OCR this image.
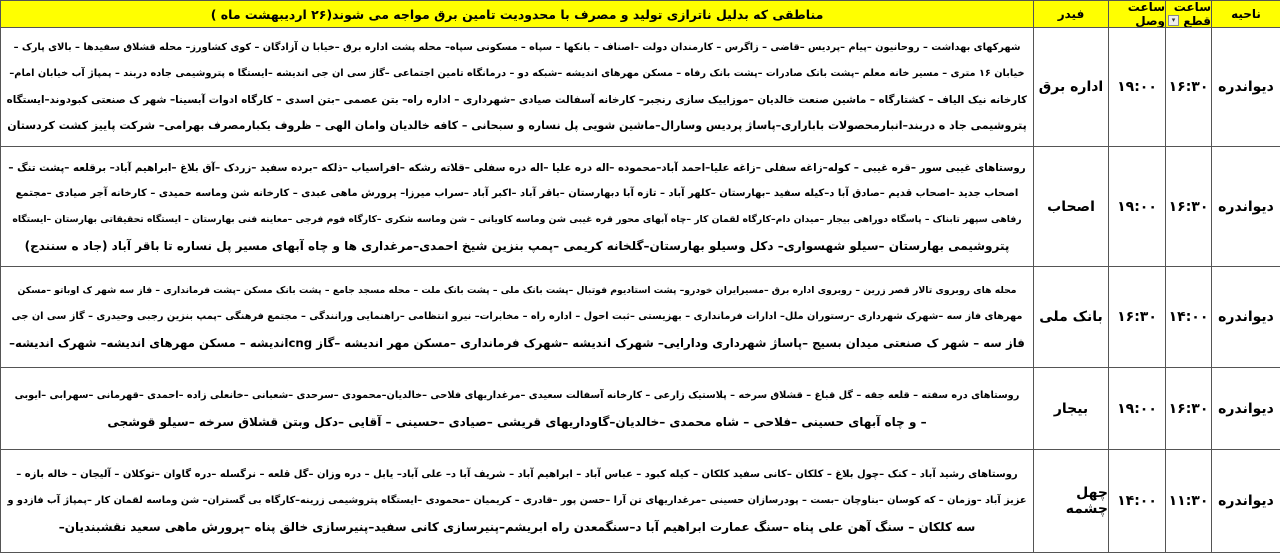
ناحیه
ساعت قطع
▾
ساعت وصل
فیدر
مناطقی که بدلیل ناترازی تولید و مصرف با محدودیت تامین برق مواجه می شوند(۲۶ اردیبهشت ماه )
دیواندره
۱۶:۳۰
۱۹:۰۰
اداره برق
شهرکهای بهداشت – روحانیون –پیام –پردیس –قاضی – زاگرس – کارمندان دولت –اصناف – بانکها – سپاه – مسکونی سپاه– محله پشت اداره برق –خیابا ن آزادگان – کوی کشاورز– محله قشلاق سفیدها – بالای پارک –
خیابان ۱۶ متری – مسیر خانه معلم –پشت بانک صادرات –پشت بانک رفاه – مسکن مهرهای اندیشه –شبکه دو – درمانگاه تامین اجتماعی –گاز سی ان جی اندیشه –ایستگا ه پتروشیمی جاده دربند – پمپاژ آب خیابان امام–
کارخانه نیک الیاف – کشتارگاه – ماشین صنعت خالدیان –موزاییک سازی رنجبر– کارخانه آسفالت صیادی –شهرداری – اداره راه– بتن عصمی –بتن اسدی – کارگاه ادوات آبسینا– شهر ک صنعتی کبودوند–ایستگاه
پتروشیمی جاد ه دربند–انبارمحصولات باباراری–پاساژ پردیس وسارال–ماشین شویی پل نساره و سبحانی – کافه خالدیان وامان الهی – ظروف یکبارمصرف بهرامی– شرکت پاییز کشت کردستان
دیواندره
۱۶:۳۰
۱۹:۰۰
اصحاب
روستاهای غیبی سور –قره غیبی – کوله–زاغه سفلی –زاغه علیا–احمد آباد–محموده –اله دره علیا –اله دره سفلی –قلاته رشکه –افراسیاب –ذلکه –برده سفید –زردک –آق بلاغ –ابراهیم آباد– برقلعه –پشت تنگ –
اصحاب جدید –اصحاب قدیم –صادق آبا د–کیله سفید –بهارستان –کلهر آباد – تازه آبا دبهارستان –باقر آباد –اکبر آباد –سراب میرزا– پرورش ماهی عبدی – کارخانه شن وماسه حمیدی – کارخانه آجر صیادی –مجتمع
رفاهی سپهر تابناک – پاسگاه دوراهی بیجار –میدان دام–کارگاه لقمان کار –چاه آبهای محور قره غیبی شن وماسه کاویانی – شن وماسه شکری –کارگاه فوم فرجی –معاینه فنی بهارستان – ایستگاه تحقیقاتی بهارستان –ایستگاه
پتروشیمی بهارستان –سیلو شهسواری– دکل وسیلو بهارستان–گلخانه کریمی –پمپ بنزین شیخ احمدی–مرغداری ها و چاه آبهای مسیر پل نساره تا باقر آباد (جاد ه سنندج)
دیواندره
۱۴:۰۰
۱۶:۳۰
بانک ملی
محله های روبروی تالار قصر زرین – روبروی اداره برق –مسیرایران خودرو– پشت استادیوم فوتبال –پشت بانک ملی – پشت بانک ملت – محله مسجد جامع – پشت بانک مسکن –پشت فرمانداری – فاز سه شهر ک اوباتو –مسکن
مهرهای فاز سه –شهرک شهرداری –رستوران ملل– ادارات فرمانداری – بهزیستی –ثبت احول – اداره راه – مخابرات– نیرو انتظامی –راهنمایی ورانندگی – مجتمع فرهنگی –پمپ بنزین رجبی وحیدری – گاز سی ان جی
فاز سه – شهر ک صنعتی میدان بسیج –پاساژ شهرداری ودارایی– شهرک اندیشه –شهرک فرمانداری –مسکن مهر اندیشه –گاز cngاندیشه – مسکن مهرهای اندیشه– شهرک اندیشه–
دیواندره
۱۶:۳۰
۱۹:۰۰
بیجار
روستاهای دره سفته – قلعه جقه – گل قباغ – قشلاق سرخه – پلاستیک زارعی – کارخانه آسفالت سعیدی –مرغداریهای فلاحی –خالدیان–محمودی –سرحدی –شعبانی –خانعلی زاده –احمدی –قهرمانی –سهرابی –ایوبی
– و چاه آبهای حسینی –فلاحی – شاه محمدی –خالدیان–گاوداریهای قریشی –صیادی –حسینی – آقایی –دکل وبتن قشلاق سرخه –سیلو قوشجی
دیواندره
۱۱:۳۰
۱۴:۰۰
چهل چشمه
روستاهای رشید آباد – کنک –چول بلاغ – کلکان –کانی سفید کلکان – کیله کبود – عباس آباد – ابراهیم آباد – شریف آبا د– علی آباد– یابل – دره وزان –گل قلعه – نرگسله –دره گاوان –توکلان – آلیجان – خاله بازه –
عزیز آباد –وزمان – که کوسان –بناوچان –بست – پودرسازان حسینی –مرغداریهای تن آرا –حسن پور –قادری – کریمیان –محمودی –ایستگاه پتروشیمی زرینه–کارگاه بی گستران– شن وماسه لقمان کار –پمپاژ آب فازدو و
سه کلکان – سنگ آهن علی پناه –سنگ عمارت ابراهیم آبا د–سنگمعدن راه ابریشم–پنیرسازی کانی سفید–پنیرسازی خالق پناه –پرورش ماهی سعید نقشبندیان–
